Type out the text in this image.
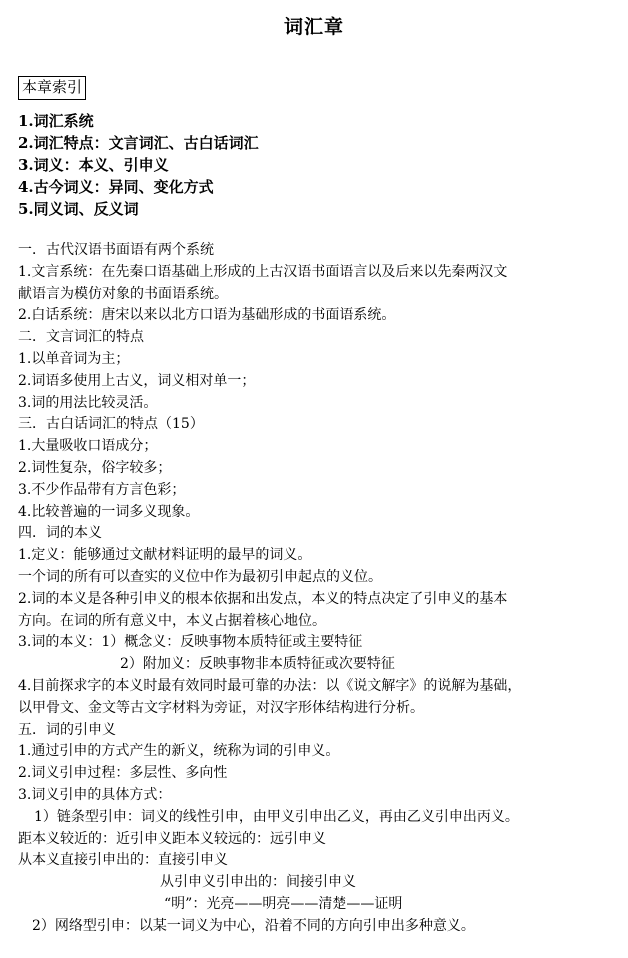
词汇章
本章索引
1.词汇系统
2.词汇特点：文言词汇、古白话词汇
3.词义：本义、引申义
4.古今词义：异同、变化方式
5.同义词、反义词
一．古代汉语书面语有两个系统
1.文言系统：在先秦口语基础上形成的上古汉语书面语言以及后来以先秦两汉文
献语言为模仿对象的书面语系统。
2.白话系统：唐宋以来以北方口语为基础形成的书面语系统。
二．文言词汇的特点
1.以单音词为主；
2.词语多使用上古义，词义相对单一；
3.词的用法比较灵活。
三．古白话词汇的特点（15）
1.大量吸收口语成分；
2.词性复杂，俗字较多；
3.不少作品带有方言色彩；
4.比较普遍的一词多义现象。
四．词的本义
1.定义：能够通过文献材料证明的最早的词义。
一个词的所有可以查实的义位中作为最初引申起点的义位。
2.词的本义是各种引申义的根本依据和出发点，本义的特点决定了引申义的基本
方向。在词的所有意义中，本义占据着核心地位。
3.词的本义：1）概念义：反映事物本质特征或主要特征
2）附加义：反映事物非本质特征或次要特征
4.目前探求字的本义时最有效同时最可靠的办法：以《说文解字》的说解为基础，
以甲骨文、金文等古文字材料为旁证，对汉字形体结构进行分析。
五．词的引申义
1.通过引申的方式产生的新义，统称为词的引申义。
2.词义引申过程：多层性、多向性
3.词义引申的具体方式：
1）链条型引申：词义的线性引申，由甲义引申出乙义，再由乙义引申出丙义。
距本义较近的：近引申义距本义较远的：远引申义
从本义直接引申出的：直接引申义
从引申义引申出的：间接引申义
“明”：光亮——明亮——清楚——证明
2）网络型引申：以某一词义为中心，沿着不同的方向引申出多种意义。
